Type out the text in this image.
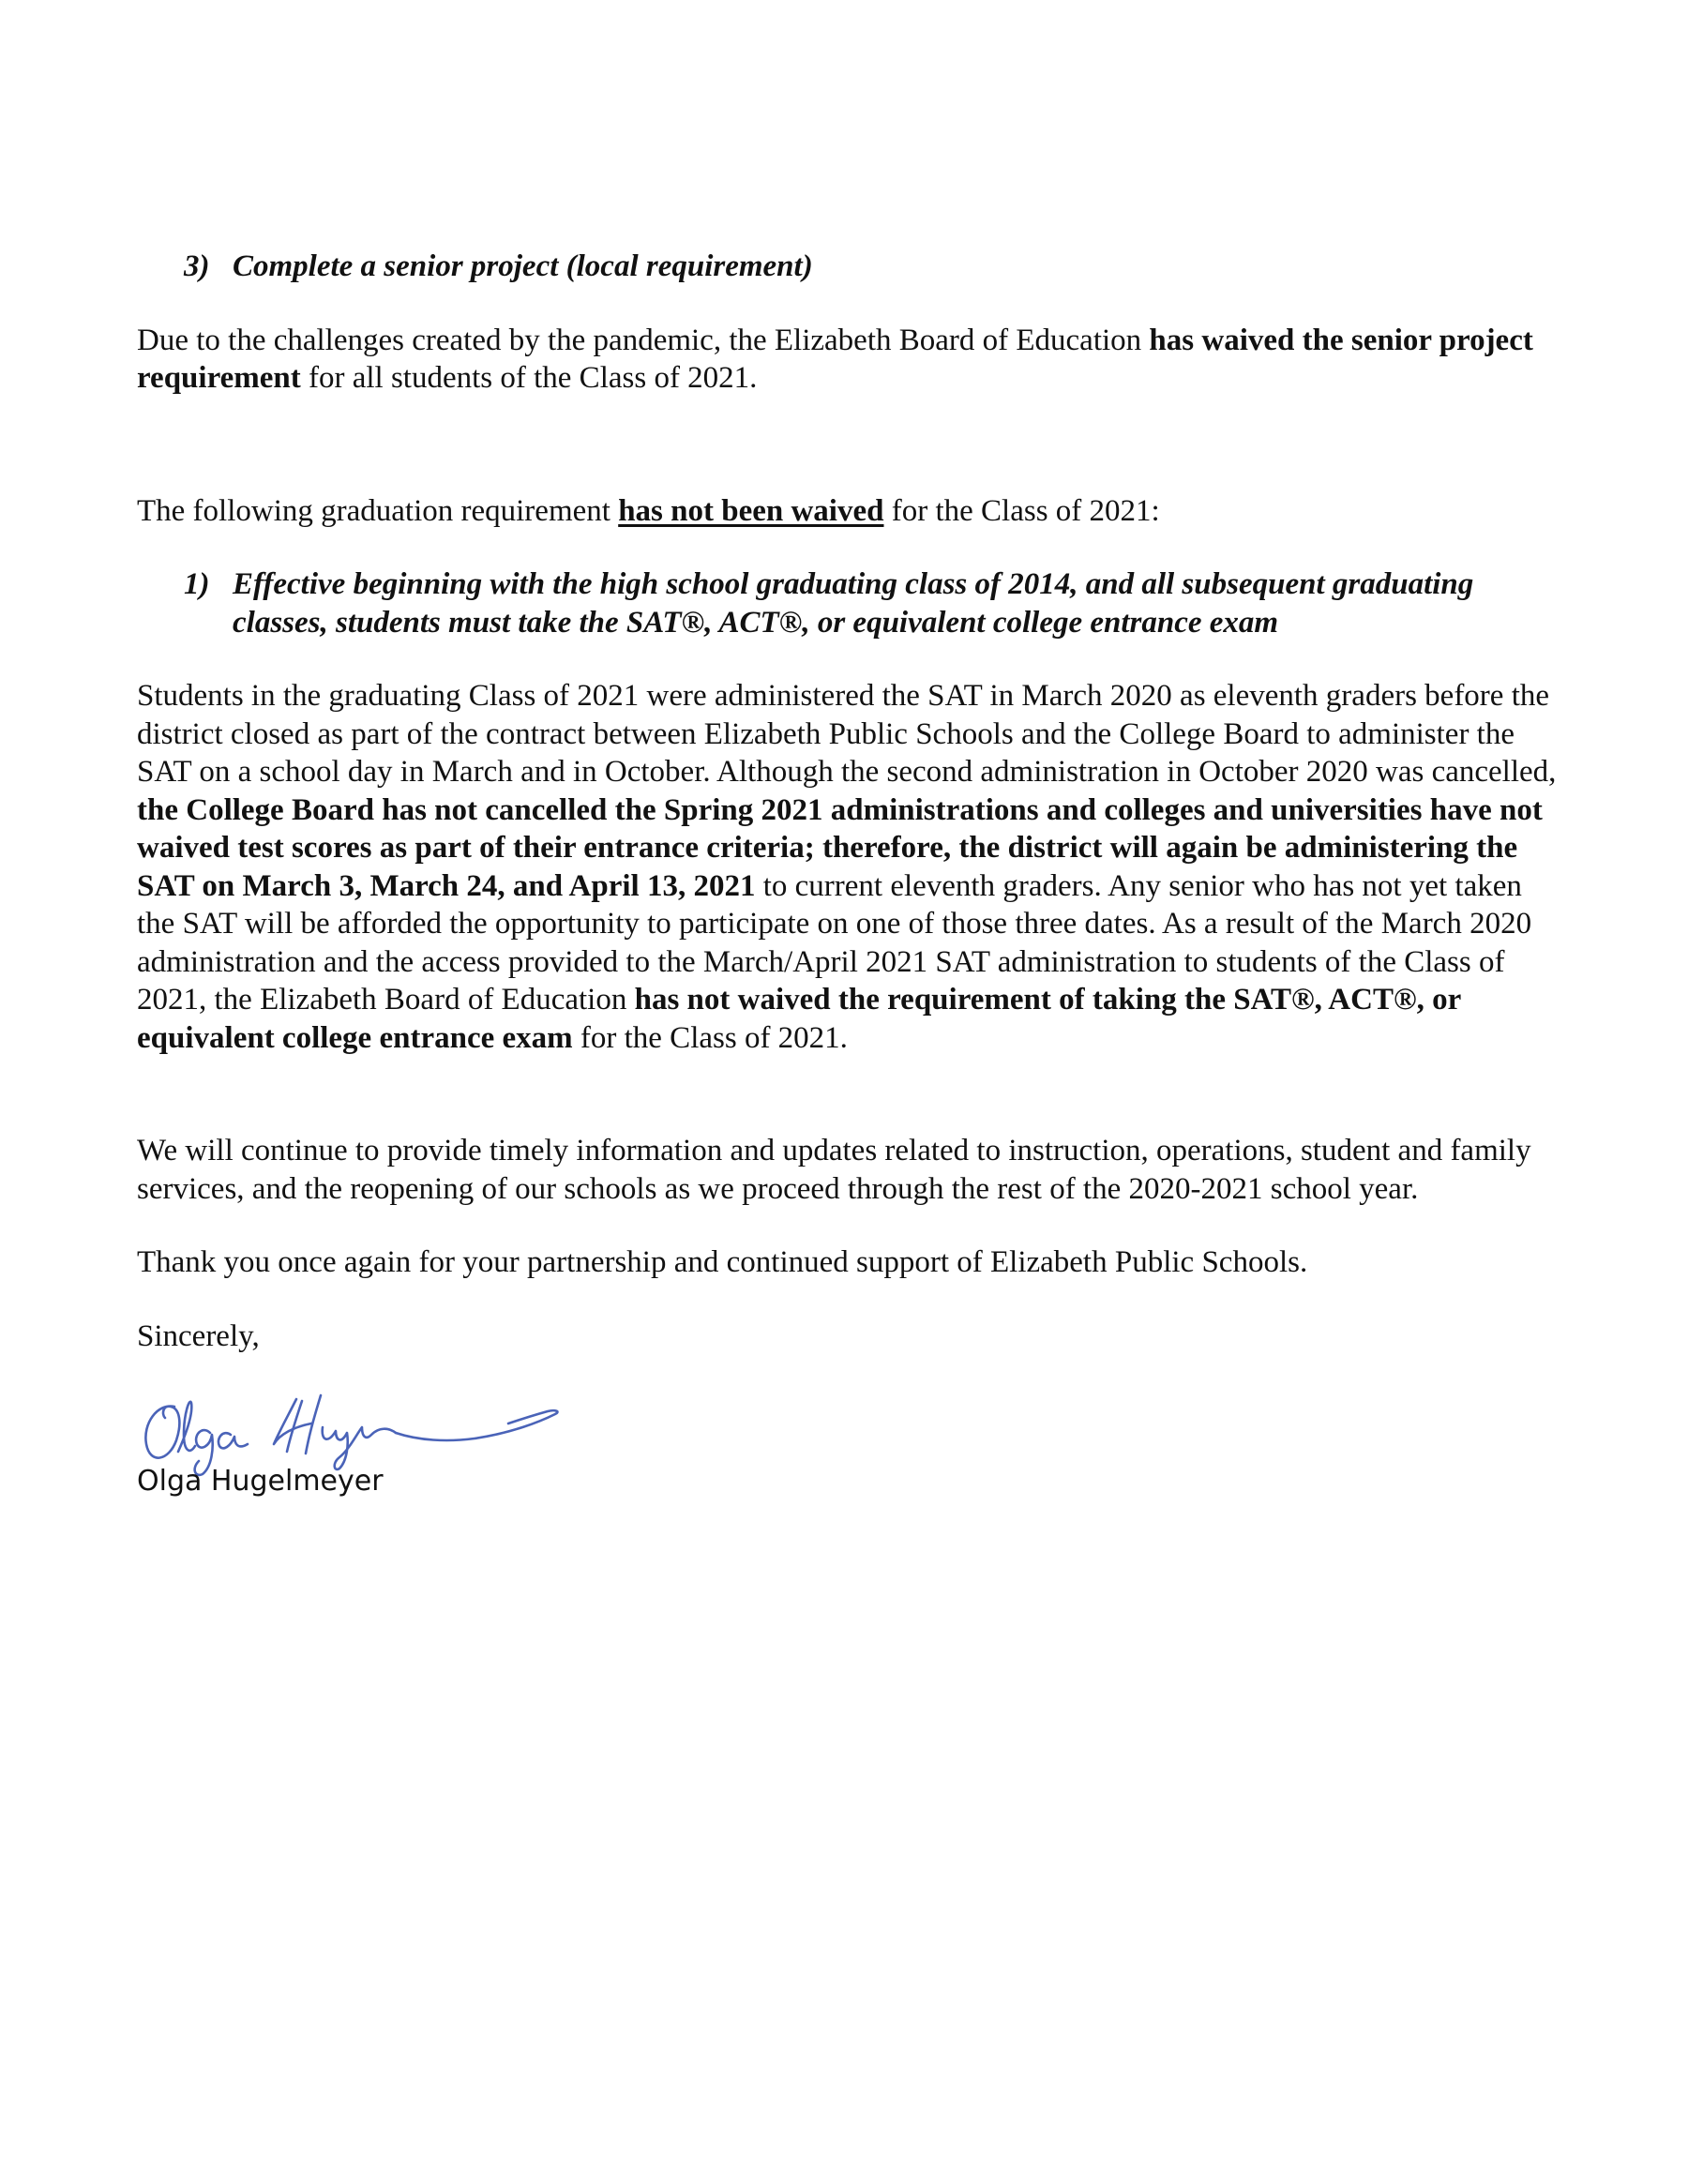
3) Complete a senior project (local requirement)

Due to the challenges created by the pandemic, the Elizabeth Board of Education has waived the senior project requirement for all students of the Class of 2021.

The following graduation requirement has not been waived for the Class of 2021:

1) Effective beginning with the high school graduating class of 2014, and all subsequent graduating classes, students must take the SAT®, ACT®, or equivalent college entrance exam

Students in the graduating Class of 2021 were administered the SAT in March 2020 as eleventh graders before the district closed as part of the contract between Elizabeth Public Schools and the College Board to administer the SAT on a school day in March and in October. Although the second administration in October 2020 was cancelled, the College Board has not cancelled the Spring 2021 administrations and colleges and universities have not waived test scores as part of their entrance criteria; therefore, the district will again be administering the SAT on March 3, March 24, and April 13, 2021 to current eleventh graders. Any senior who has not yet taken the SAT will be afforded the opportunity to participate on one of those three dates. As a result of the March 2020 administration and the access provided to the March/April 2021 SAT administration to students of the Class of 2021, the Elizabeth Board of Education has not waived the requirement of taking the SAT®, ACT®, or equivalent college entrance exam for the Class of 2021.

We will continue to provide timely information and updates related to instruction, operations, student and family services, and the reopening of our schools as we proceed through the rest of the 2020-2021 school year.

Thank you once again for your partnership and continued support of Elizabeth Public Schools.

Sincerely,

Olga Hugelmeyer
